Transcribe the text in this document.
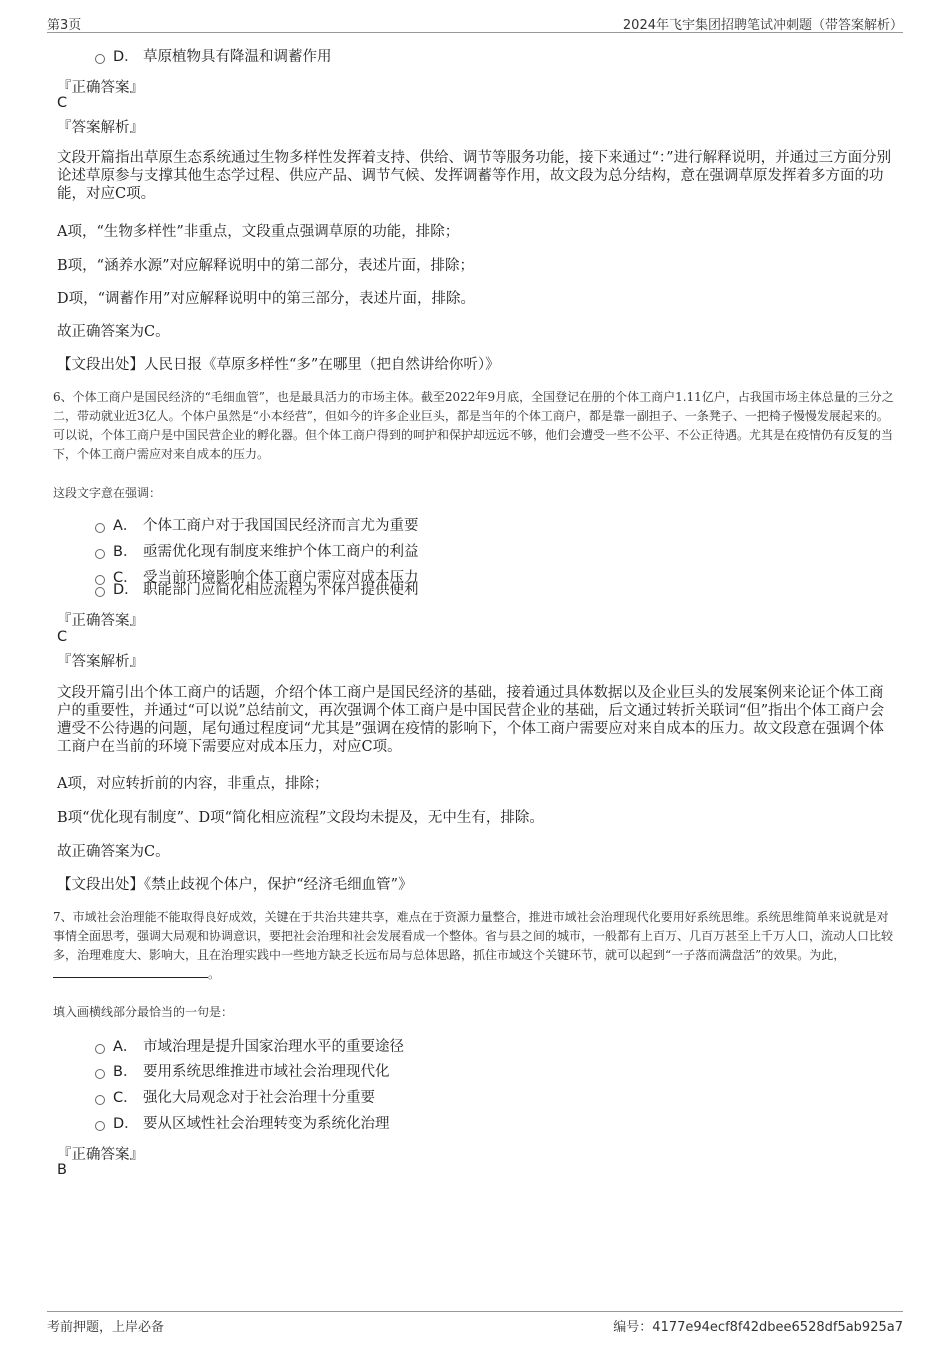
第3页	2024年飞宇集团招聘笔试冲刺题（带答案解析）
D． 草原植物具有降温和调蓄作用
『正确答案』
C
『答案解析』
文段开篇指出草原生态系统通过生物多样性发挥着支持、供给、调节等服务功能，接下来通过“：”进行解释说明，并通过三方面分别论述草原参与支撑其他生态学过程、供应产品、调节气候、发挥调蓄等作用，故文段为总分结构，意在强调草原发挥着多方面的功能，对应C项。
A项，“生物多样性”非重点，文段重点强调草原的功能，排除；
B项，“涵养水源”对应解释说明中的第二部分，表述片面，排除；
D项，“调蓄作用”对应解释说明中的第三部分，表述片面，排除。
故正确答案为C。
【文段出处】人民日报《草原多样性“多”在哪里（把自然讲给你听）》
6、个体工商户是国民经济的“毛细血管”，也是最具活力的市场主体。截至2022年9月底，全国登记在册的个体工商户1.11亿户，占我国市场主体总量的三分之二，带动就业近3亿人。个体户虽然是“小本经营”，但如今的许多企业巨头，都是当年的个体工商户，都是靠一副担子、一条凳子、一把椅子慢慢发展起来的。可以说，个体工商户是中国民营企业的孵化器。但个体工商户得到的呵护和保护却远远不够，他们会遭受一些不公平、不公正待遇。尤其是在疫情仍有反复的当下，个体工商户需应对来自成本的压力。
这段文字意在强调：
A． 个体工商户对于我国国民经济而言尤为重要
B． 亟需优化现有制度来维护个体工商户的利益
C． 受当前环境影响个体工商户需应对成本压力
D． 职能部门应简化相应流程为个体户提供便利
『正确答案』
C
『答案解析』
文段开篇引出个体工商户的话题，介绍个体工商户是国民经济的基础，接着通过具体数据以及企业巨头的发展案例来论证个体工商户的重要性，并通过“可以说”总结前文，再次强调个体工商户是中国民营企业的基础，后文通过转折关联词“但”指出个体工商户会遭受不公待遇的问题，尾句通过程度词“尤其是”强调在疫情的影响下，个体工商户需要应对来自成本的压力。故文段意在强调个体工商户在当前的环境下需要应对成本压力，对应C项。
A项，对应转折前的内容，非重点，排除；
B项“优化现有制度”、D项“简化相应流程”文段均未提及，无中生有，排除。
故正确答案为C。
【文段出处】《禁止歧视个体户，保护“经济毛细血管”》
7、市域社会治理能不能取得良好成效，关键在于共治共建共享，难点在于资源力量整合，推进市域社会治理现代化要用好系统思维。系统思维简单来说就是对事情全面思考，强调大局观和协调意识，要把社会治理和社会发展看成一个整体。省与县之间的城市，一般都有上百万、几百万甚至上千万人口，流动人口比较多，治理难度大、影响大，且在治理实践中一些地方缺乏长远布局与总体思路，抓住市域这个关键环节，就可以起到“一子落而满盘活”的效果。为此，。
填入画横线部分最恰当的一句是：
A． 市域治理是提升国家治理水平的重要途径
B． 要用系统思维推进市域社会治理现代化
C． 强化大局观念对于社会治理十分重要
D． 要从区域性社会治理转变为系统化治理
『正确答案』
B
考前押题，上岸必备	编号：4177e94ecf8f42dbee6528df5ab925a7
